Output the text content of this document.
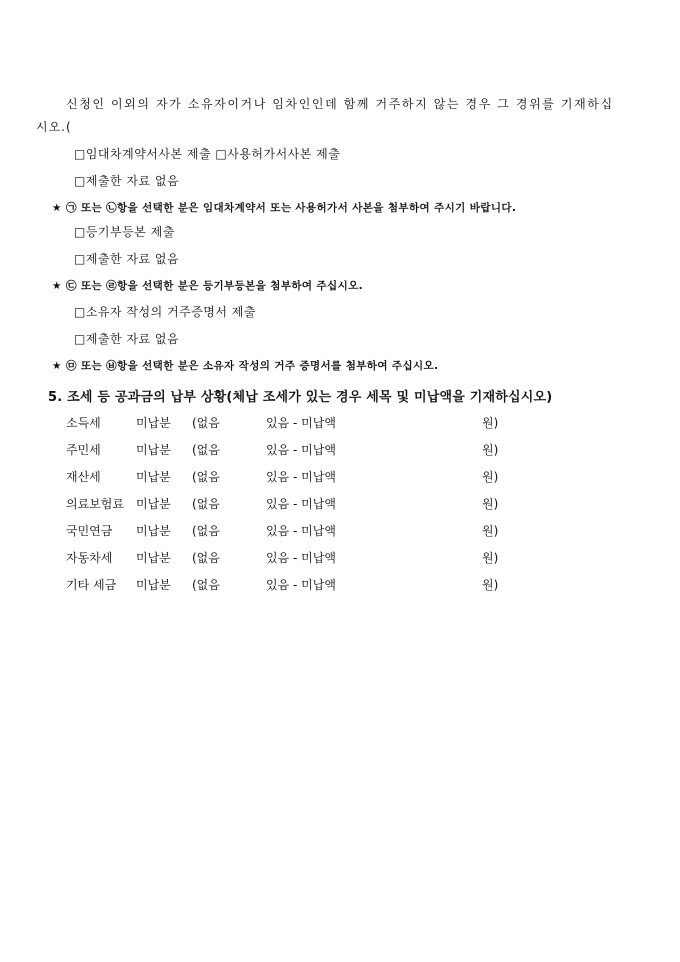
신청인 이외의 자가 소유자이거나 임차인인데 함께 거주하지 않는 경우 그 경위를 기재하십
시오.(
□임대차계약서사본 제출 □사용허가서사본 제출
□제출한 자료 없음
★ ㉠ 또는 ㉡항을 선택한 분은 임대차계약서 또는 사용허가서 사본을 첨부하여 주시기 바랍니다.
□등기부등본 제출
□제출한 자료 없음
★ ㉢ 또는 ㉣항을 선택한 분은 등기부등본을 첨부하여 주십시오.
□소유자 작성의 거주증명서 제출
□제출한 자료 없음
★ ㉤ 또는 ㉥항을 선택한 분은 소유자 작성의 거주 증명서를 첨부하여 주십시오.
5. 조세 등 공과금의 납부 상황(체납 조세가 있는 경우 세목 및 미납액을 기재하십시오)
소득세	미납분 (없음	있음 - 미납액	원)
주민세	미납분 (없음	있음 - 미납액	원)
재산세	미납분 (없음	있음 - 미납액	원)
의료보험료 미납분 (없음	있음 - 미납액	원)
국민연금 미납분 (없음	있음 - 미납액	원)
자동차세 미납분 (없음	있음 - 미납액	원)
기타 세금 미납분 (없음	있음 - 미납액	원)
